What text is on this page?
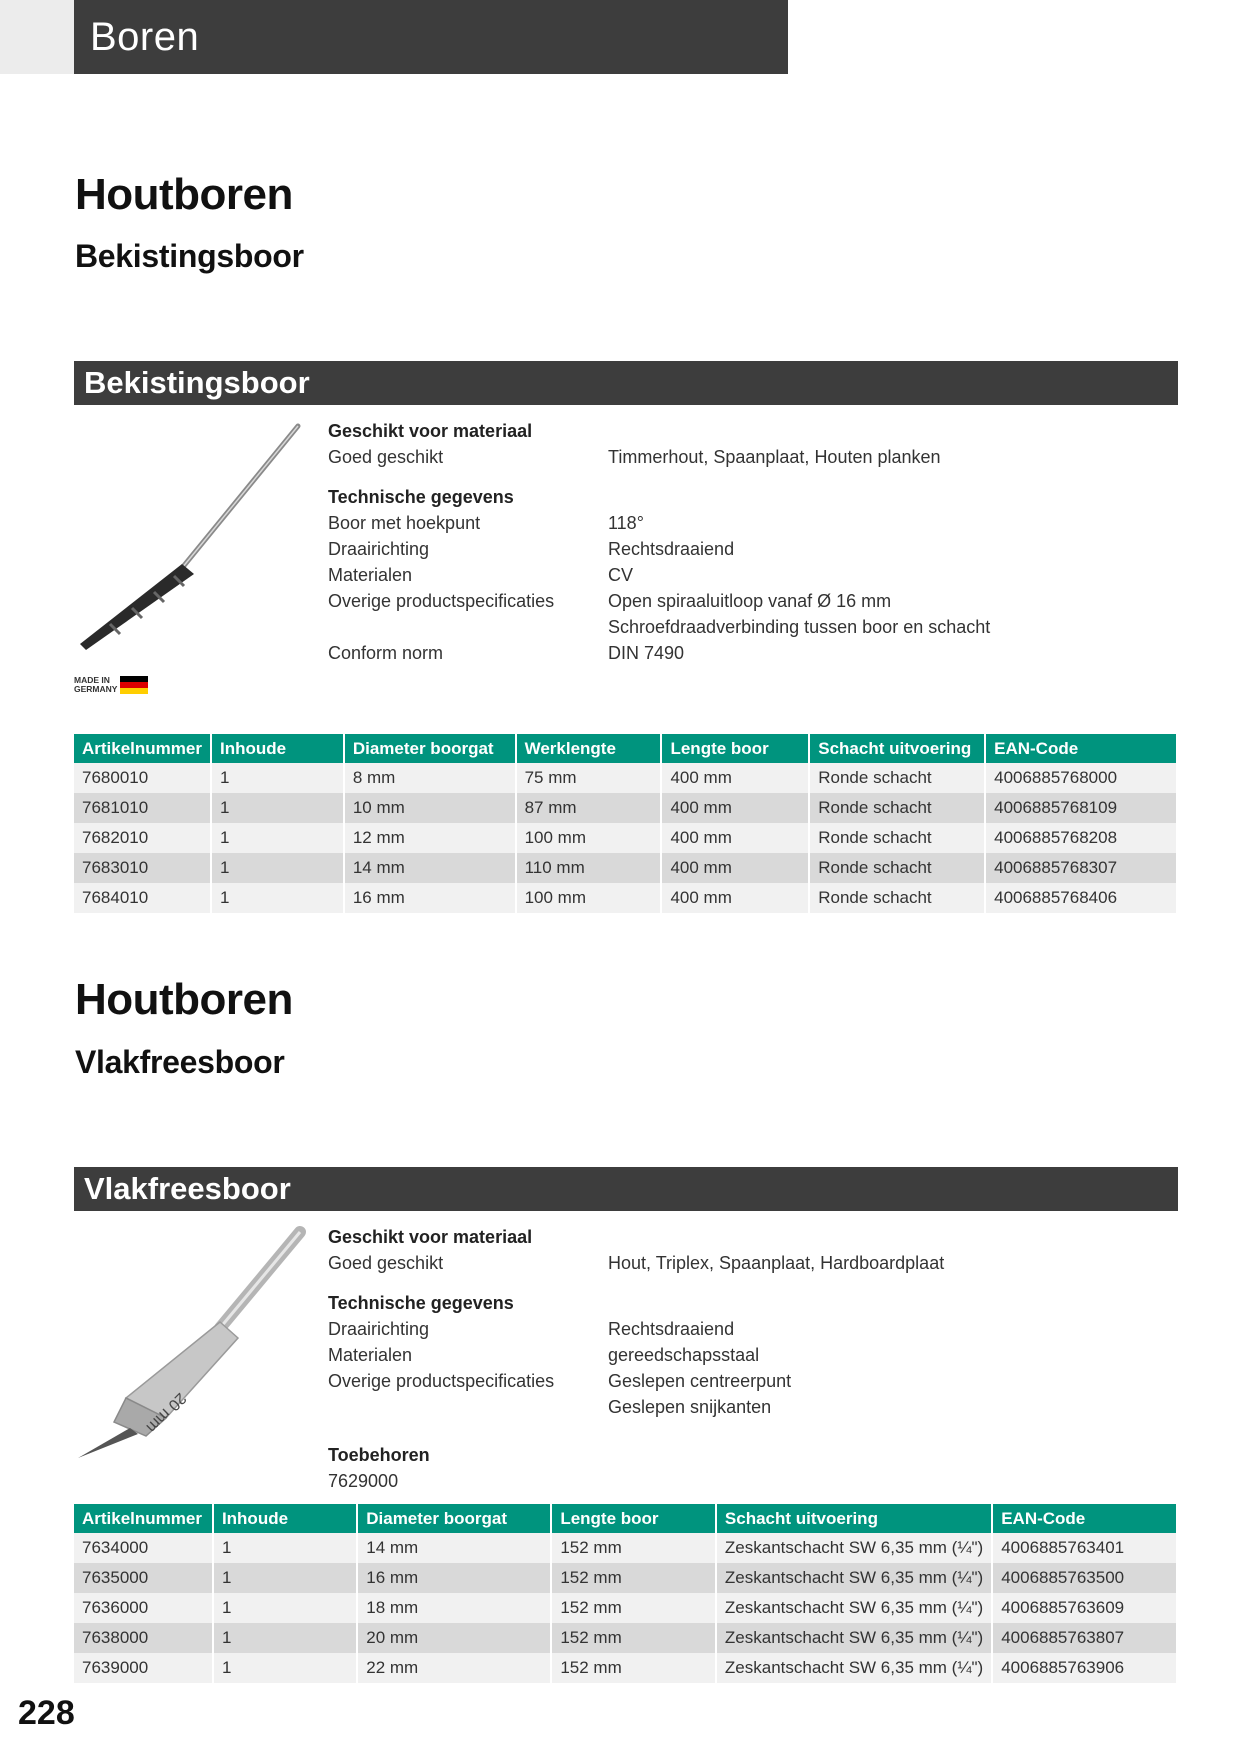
Boren
Houtboren
Bekistingsboor
Bekistingsboor
MADE IN
GERMANY
Geschikt voor materiaal
Goed geschikt	Timmerhout, Spaanplaat, Houten planken
Technische gegevens
Boor met hoekpunt	118°
Draairichting	Rechtsdraaiend
Materialen	CV
Overige productspecificaties	Open spiraaluitloop vanaf Ø 16 mm
Schroefdraadverbinding tussen boor en schacht
Conform norm	DIN 7490
Artikelnummer	Inhoude	Diameter boorgat	Werklengte	Lengte boor	Schacht uitvoering	EAN-Code
7680010	1	8 mm	75 mm	400 mm	Ronde schacht	4006885768000
7681010	1	10 mm	87 mm	400 mm	Ronde schacht	4006885768109
7682010	1	12 mm	100 mm	400 mm	Ronde schacht	4006885768208
7683010	1	14 mm	110 mm	400 mm	Ronde schacht	4006885768307
7684010	1	16 mm	100 mm	400 mm	Ronde schacht	4006885768406
Houtboren
Vlakfreesboor
Vlakfreesboor
20 mm
Geschikt voor materiaal
Goed geschikt	Hout, Triplex, Spaanplaat, Hardboardplaat
Technische gegevens
Draairichting	Rechtsdraaiend
Materialen	gereedschapsstaal
Overige productspecificaties	Geslepen centreerpunt
Geslepen snijkanten
Toebehoren
7629000
Artikelnummer	Inhoude	Diameter boorgat	Lengte boor	Schacht uitvoering	EAN-Code
7634000	1	14 mm	152 mm	Zeskantschacht SW 6,35 mm (¼")	4006885763401
7635000	1	16 mm	152 mm	Zeskantschacht SW 6,35 mm (¼")	4006885763500
7636000	1	18 mm	152 mm	Zeskantschacht SW 6,35 mm (¼")	4006885763609
7638000	1	20 mm	152 mm	Zeskantschacht SW 6,35 mm (¼")	4006885763807
7639000	1	22 mm	152 mm	Zeskantschacht SW 6,35 mm (¼")	4006885763906
228
